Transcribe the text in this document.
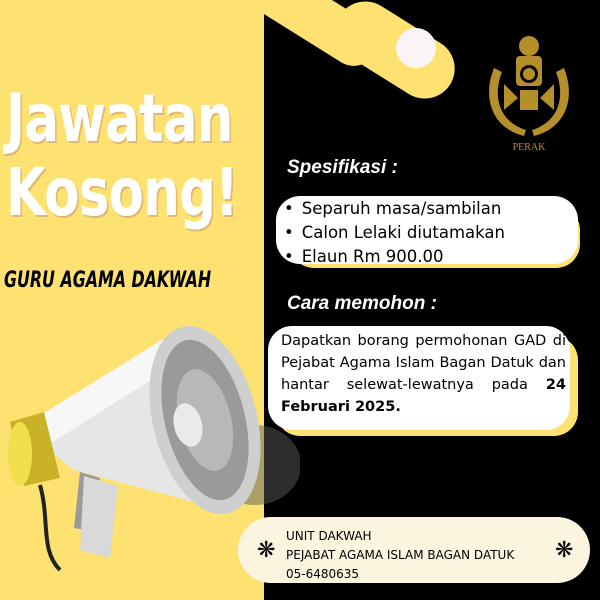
Jawatan
Kosong!
GURU AGAMA DAKWAH
PERAK
Spesifikasi :
• Separuh masa/sambilan
• Calon Lelaki diutamakan
• Elaun Rm 900.00
Cara memohon :
Dapatkan borang permohonan GAD di Pejabat Agama Islam Bagan Datuk dan hantar selewat-lewatnya pada 24 Februari 2025.
❋	❋
UNIT DAKWAH
PEJABAT AGAMA ISLAM BAGAN DATUK
05-6480635
